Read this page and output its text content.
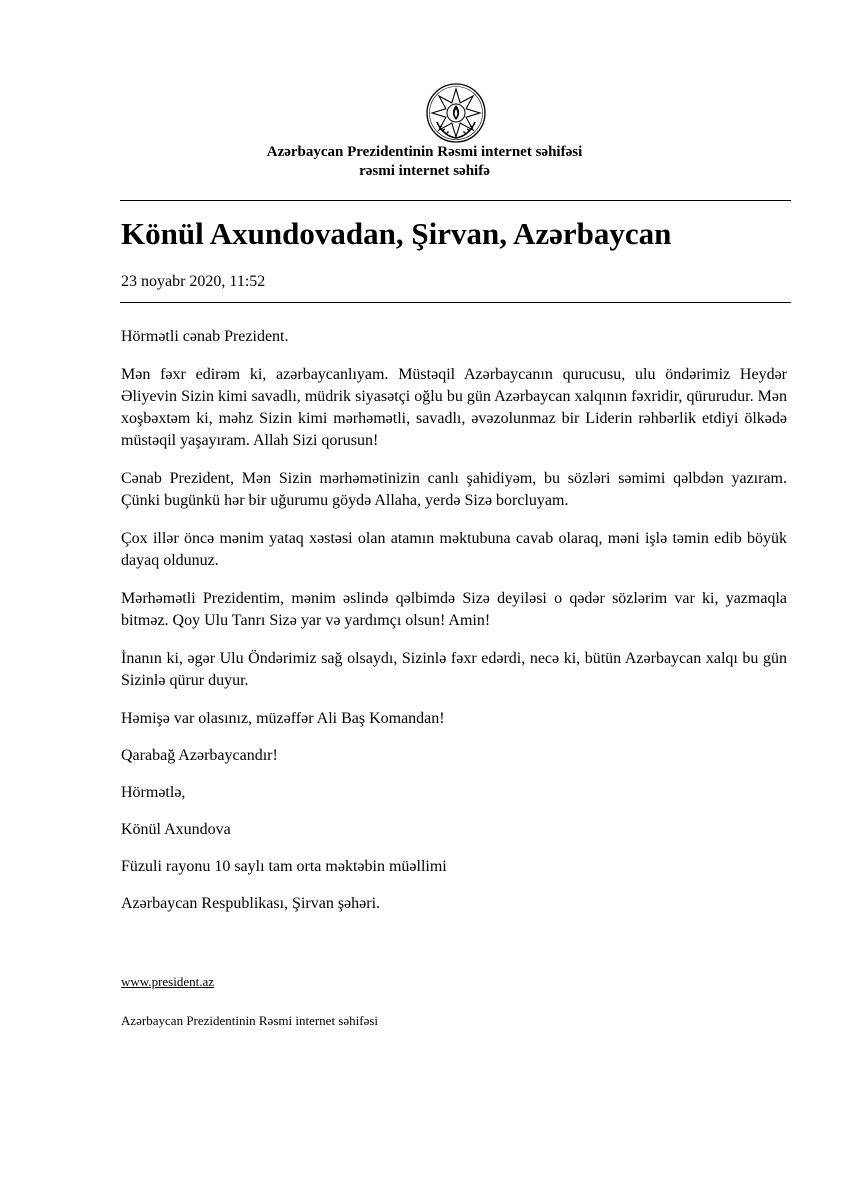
Azərbaycan Prezidentinin Rəsmi internet səhifəsi
rəsmi internet səhifə
Könül Axundovadan, Şirvan, Azərbaycan
23 noyabr 2020, 11:52

Hörmətli cənab Prezident.

Mən fəxr edirəm ki, azərbaycanlıyam. Müstəqil Azərbaycanın qurucusu, ulu öndərimiz Heydər Əliyevin Sizin kimi savadlı, müdrik siyasətçi oğlu bu gün Azərbaycan xalqının fəxridir, qürurudur. Mən xoşbəxtəm ki, məhz Sizin kimi mərhəmətli, savadlı, əvəzolunmaz bir Liderin rəhbərlik etdiyi ölkədə müstəqil yaşayıram. Allah Sizi qorusun!

Cənab Prezident, Mən Sizin mərhəmətinizin canlı şahidiyəm, bu sözləri səmimi qəlbdən yazıram. Çünki bugünkü hər bir uğurumu göydə Allaha, yerdə Sizə borcluyam.

Çox illər öncə mənim yataq xəstəsi olan atamın məktubuna cavab olaraq, məni işlə təmin edib böyük dayaq oldunuz.

Mərhəmətli Prezidentim, mənim əslində qəlbimdə Sizə deyiləsi o qədər sözlərim var ki, yazmaqla bitməz. Qoy Ulu Tanrı Sizə yar və yardımçı olsun! Amin!

İnanın ki, əgər Ulu Öndərimiz sağ olsaydı, Sizinlə fəxr edərdi, necə ki, bütün Azərbaycan xalqı bu gün Sizinlə qürur duyur.

Həmişə var olasınız, müzəffər Ali Baş Komandan!

Qarabağ Azərbaycandır!

Hörmətlə,

Könül Axundova

Füzuli rayonu 10 saylı tam orta məktəbin müəllimi

Azərbaycan Respublikası, Şirvan şəhəri.

www.president.az
Azərbaycan Prezidentinin Rəsmi internet səhifəsi
